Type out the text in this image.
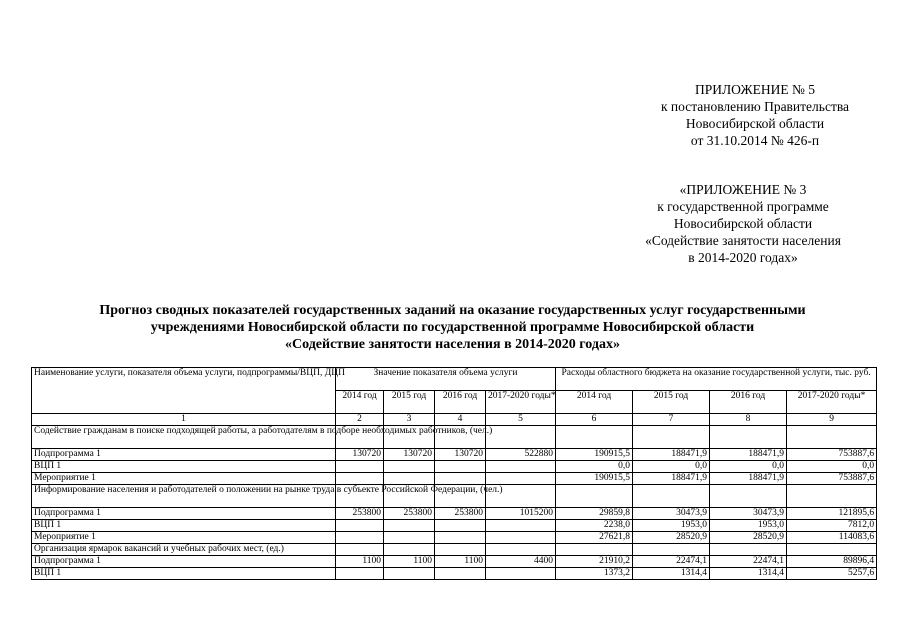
ПРИЛОЖЕНИЕ № 5
к постановлению Правительства
Новосибирской области
от 31.10.2014 № 426-п
«ПРИЛОЖЕНИЕ № 3
к государственной программе
Новосибирской области
«Содействие занятости населения
в 2014-2020 годах»
Прогноз сводных показателей государственных заданий на оказание государственных услуг государственными
учреждениями Новосибирской области по государственной программе Новосибирской области
«Содействие занятости населения в 2014-2020 годах»
Наименование услуги, показателя объема услуги, подпрограммы/ВЦП, ДЦП	Значение показателя объема услуги				Расходы областного бюджета на оказание государственной услуги, тыс. руб.			
	2014 год	2015 год	2016 год	2017-2020 годы*	2014 год	2015 год	2016 год	2017-2020 годы*
1	2	3	4	5	6	7	8	9
Содействие гражданам в поиске подходящей работы, а работодателям в подборе необходимых работников, (чел.)								
Подпрограмма 1	130720	130720	130720	522880	190915,5	188471,9	188471,9	753887,6
ВЦП 1					0,0	0,0	0,0	0,0
Мероприятие 1					190915,5	188471,9	188471,9	753887,6
Информирование населения и работодателей о положении на рынке труда в субъекте Российской Федерации, (чел.)								
Подпрограмма 1	253800	253800	253800	1015200	29859,8	30473,9	30473,9	121895,6
ВЦП 1					2238,0	1953,0	1953,0	7812,0
Мероприятие 1					27621,8	28520,9	28520,9	114083,6
Организация ярмарок вакансий и учебных рабочих мест, (ед.)								
Подпрограмма 1	1100	1100	1100	4400	21910,2	22474,1	22474,1	89896,4
ВЦП 1					1373,2	1314,4	1314,4	5257,6
